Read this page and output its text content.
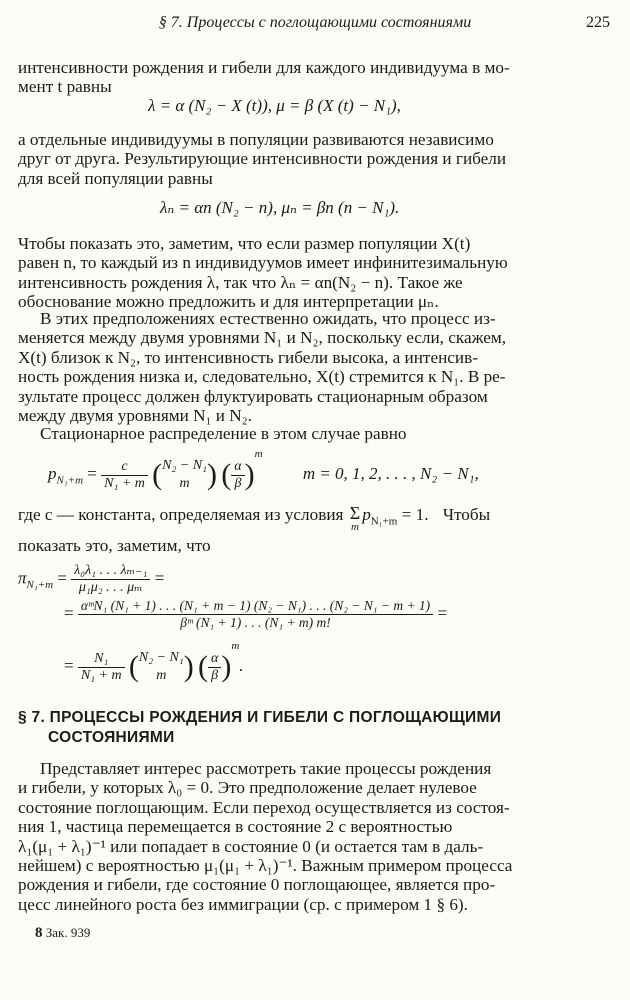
§ 7. Процессы с поглощающими состояниями	225
интенсивности рождения и гибели для каждого индивидуума в мо-
мент t равны
λ = α (N₂ − X (t)), μ = β (X (t) − N₁),
а отдельные индивидуумы в популяции развиваются независимо
друг от друга. Результирующие интенсивности рождения и гибели
для всей популяции равны
λₙ = αn (N₂ − n), μₙ = βn (n − N₁).
Чтобы показать это, заметим, что если размер популяции X(t)
равен n, то каждый из n индивидуумов имеет инфинитезимальную
интенсивность рождения λ, так что λₙ = αn(N₂ − n). Такое же
обоснование можно предложить и для интерпретации μₙ.
В этих предположениях естественно ожидать, что процесс из-
меняется между двумя уровнями N₁ и N₂, поскольку если, скажем,
X(t) близок к N₂, то интенсивность гибели высока, а интенсив-
ность рождения низка и, следовательно, X(t) стремится к N₁. В ре-
зультате процесс должен флуктуировать стационарным образом
между двумя уровнями N₁ и N₂.
Стационарное распределение в этом случае равно
$p_{N_1+m} = \frac{c}{\text{N₁ + m}}$ ( N₂ − N₁
m ) ( $\frac{\alpha}{\beta} )^m$ m = 0, 1, 2, . . . , N₂ − N₁,
где c — константа, определяемая из условия Σ
m
$p_{N_1+m} = 1$. Чтобы
показать это, заметим, что
$\pi_{N_1+m} = \frac{\text{λ₀λ₁ . . . λₘ₋₁}}{\text{μ₁μ₂ . . . μₘ}}$ =
= αᵐN₁ (N₁ + 1) . . . (N₁ + m − 1) (N₂ − N₁) . . . (N₂ − N₁ − m + 1)
βᵐ (N₁ + 1) . . . (N₁ + m) m!
=
= $\frac{\text{N₁}}{\text{N₁ + m}}$ ( N₂ − N₁
m ) ( $\frac{\alpha}{\beta} )^m$.
§ 7. ПРОЦЕССЫ РОЖДЕНИЯ И ГИБЕЛИ С ПОГЛОЩАЮЩИМИ
СОСТОЯНИЯМИ
Представляет интерес рассмотреть такие процессы рождения
и гибели, у которых λ₀ = 0. Это предположение делает нулевое
состояние поглощающим. Если переход осуществляется из состоя-
ния 1, частица перемещается в состояние 2 с вероятностью
λ₁(μ₁ + λ₁)⁻¹ или попадает в состояние 0 (и остается там в даль-
нейшем) с вероятностью μ₁(μ₁ + λ₁)⁻¹. Важным примером процесса
рождения и гибели, где состояние 0 поглощающее, является про-
цесс линейного роста без иммиграции (ср. с примером 1 § 6).
8 Зак. 939
